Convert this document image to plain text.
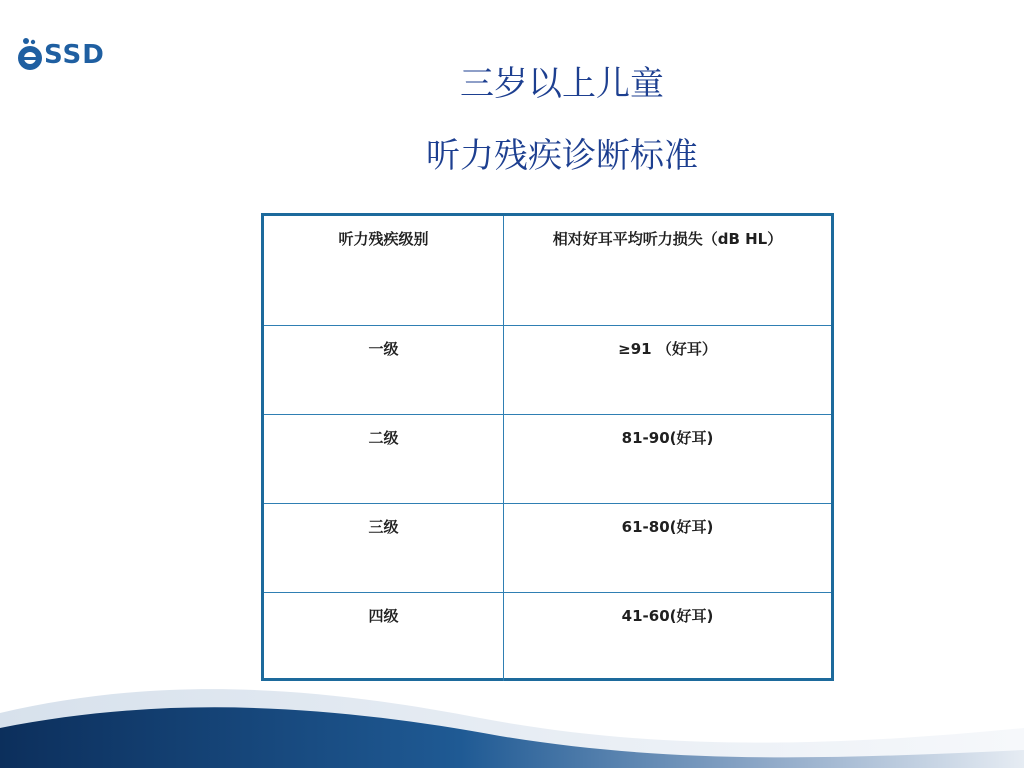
SSD
三岁以上儿童
听力残疾诊断标准
听力残疾级别	相对好耳平均听力损失（dB HL）
一级	≥91 （好耳）
二级	81-90(好耳)
三级	61-80(好耳)
四级	41-60(好耳)
